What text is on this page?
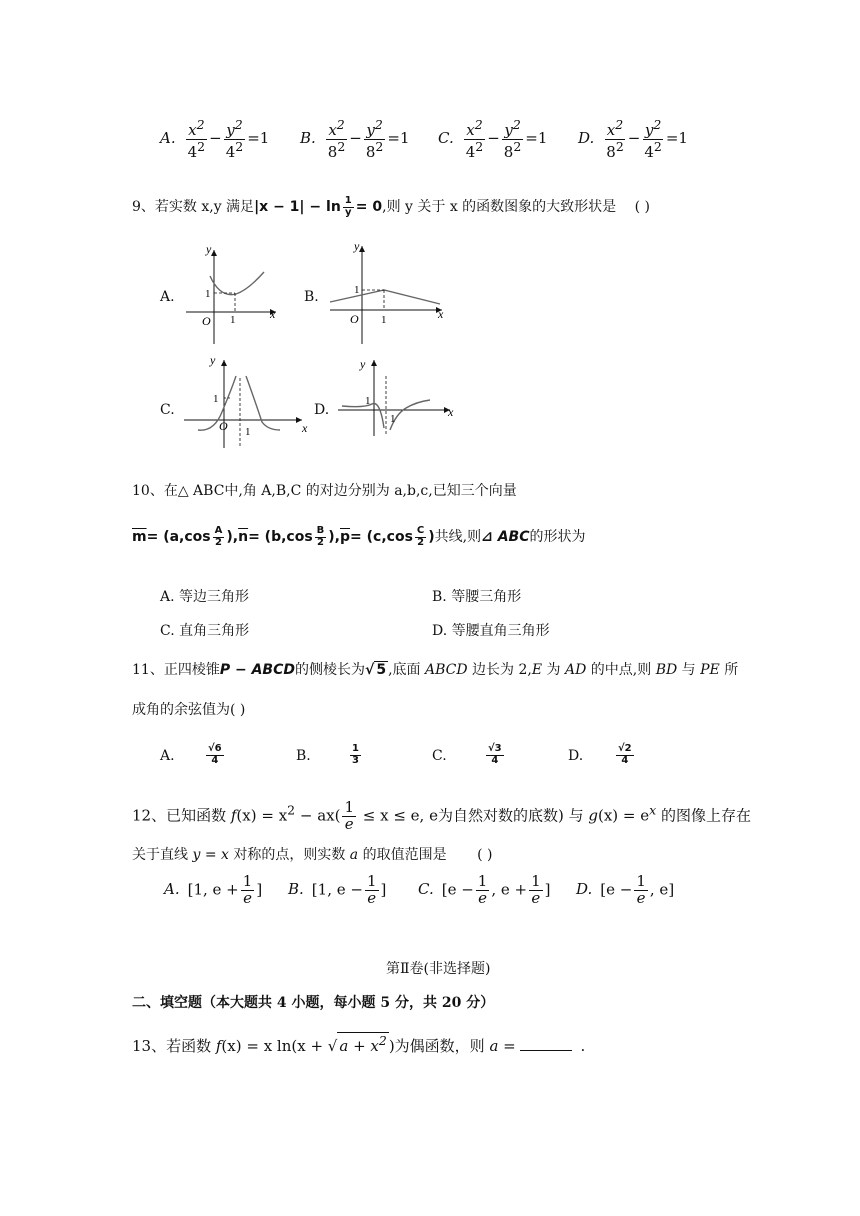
A. $\frac{x^2}{4^2} - \frac{y^2}{4^2} =1$ B. $\frac{x^2}{8^2} - \frac{y^2}{8^2} =1$ C. $\frac{x^2}{4^2} - \frac{y^2}{8^2} =1$ D. $\frac{x^2}{8^2} - \frac{y^2}{4^2} =1$
9、若实数 x,y 满足$|x - 1| - \ln \frac{1}{y} = 0$,则 y 关于 x 的函数图象的大致形状是 ( )
A.	B.
C.	D.
y
1
O 1	x
y
1
O 1	x
y
1
O 1	x
y
1
1	x
10、在△ ABC中,角 A,B,C 的对边分别为 a,b,c,已知三个向量
$\overline{m}= (a,\cos \frac{A}{2} ),\overline{n}= (b,\cos \frac{B}{2} ),\overline{p}= (c,\cos \frac{C}{2}$ )共线,则⊿ ABC的形状为
A. 等边三角形	B. 等腰三角形
C. 直角三角形	D. 等腰直角三角形
11、正四棱锥P − ABCD的侧棱长为√ 5 ,底面 ABCD 边长为 2,E 为 AD 的中点,则 BD 与 PE 所
成角的余弦值为( )
A.	$\frac{√6}{4}$	B.	$\frac{1}{3}$	C.	$\frac{√3}{4}$	D.	$\frac{√2}{4}$
12、已知函数 $f(x) = x^2 - ax( \frac{1}{e} \le x \le e$, e为自然对数的底数) 与 $g(x) = e^x$ 的图像上存在
关于直线 y = x 对称的点，则实数 a 的取值范围是 ( )
A. [1, $e + \frac{1}{e}$ ] B. [1, $e - \frac{1}{e}$ ] C. [$e - \frac{1}{e}$ , $e + \frac{1}{e}$ ] D. [$e - \frac{1}{e}$ , e]
第Ⅱ卷(非选择题)
二、填空题（本大题共 4 小题，每小题 5 分，共 20 分）
13、若函数 f(x) = x ln(x + √ $a + x^2$ )为偶函数，则 a =	.
